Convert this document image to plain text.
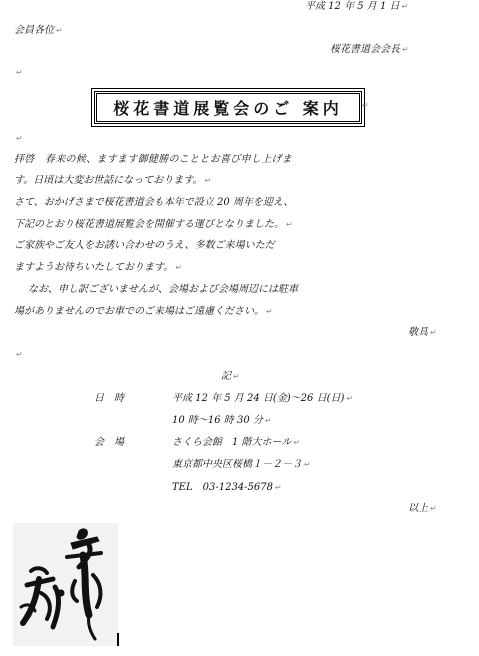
平成 12 年 5 月 1 日 ↵
会員各位 ↵
桜花書道会会長 ↵
↵
桜花書道展覧会のご 案内 ↵
↵
拝啓　春来の候、ますます御健勝のこととお喜び申し上げま
す。日頃は大変お世話になっております。 ↵
さて、おかげさまで桜花書道会も本年で設立 20 周年を迎え、
下記のとおり桜花書道展覧会を開催する運びとなりました。 ↵
ご家族やご友人をお誘い合わせのうえ、多数ご来場いただ
ますようお待ちいたしております。 ↵
なお、申し訳ございませんが、会場および会場周辺には駐車
場がありませんのでお車でのご来場はご遠慮ください。 ↵
敬具 ↵
↵
記 ↵
日　時	平成 12 年 5 月 24 日(金)～26 日(日) ↵
10 時～16 時 30 分 ↵
会　場	さくら会館　1 階大ホール ↵
東京都中央区桜橋１－２－３ ↵
TEL　03-1234-5678 ↵
以上 ↵
